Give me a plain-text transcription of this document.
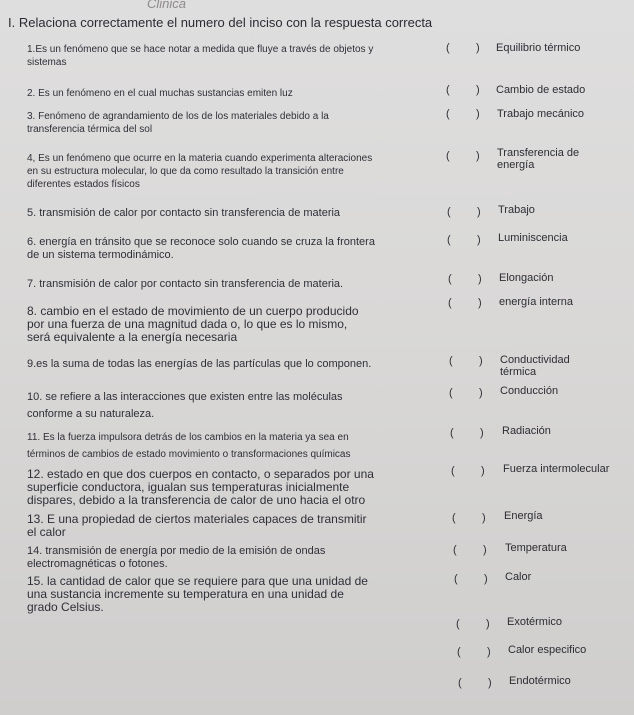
Clinica
I. Relaciona correctamente el numero del inciso con la respuesta correcta
1.Es un fenómeno que se hace notar a medida que fluye a través de objetos y
sistemas
2. Es un fenómeno en el cual muchas sustancias emiten luz
3. Fenómeno de agrandamiento de los de los materiales debido a la
transferencia térmica del sol
4, Es un fenómeno que ocurre en la materia cuando experimenta alteraciones
en su estructura molecular, lo que da como resultado la transición entre
diferentes estados físicos
5. transmisión de calor por contacto sin transferencia de materia
6. energía en tránsito que se reconoce solo cuando se cruza la frontera
de un sistema termodinámico.
7. transmisión de calor por contacto sin transferencia de materia.
8. cambio en el estado de movimiento de un cuerpo producido
por una fuerza de una magnitud dada o, lo que es lo mismo,
será equivalente a la energía necesaria
9.es la suma de todas las energías de las partículas que lo componen.
10. se refiere a las interacciones que existen entre las moléculas
conforme a su naturaleza.
11. Es la fuerza impulsora detrás de los cambios en la materia ya sea en
términos de cambios de estado movimiento o transformaciones químicas
12. estado en que dos cuerpos en contacto, o separados por una
superficie conductora, igualan sus temperaturas inicialmente
dispares, debido a la transferencia de calor de uno hacia el otro
13. E una propiedad de ciertos materiales capaces de transmitir
el calor
14. transmisión de energía por medio de la emisión de ondas
electromagnéticas o fotones.
15. la cantidad de calor que se requiere para que una unidad de
una sustancia incremente su temperatura en una unidad de
grado Celsius.
( )
( )
( )
( )
( )
( )
( )
( )
( )
( )
( )
( )
( )
( )
( )
( )
( )
( )
Equilibrio térmico
Cambio de estado
Trabajo mecánico
Transferencia de
energía
Trabajo
Luminiscencia
Elongación
energía interna
Conductividad
térmica
Conducción
Radiación
Fuerza intermolecular
Energía
Temperatura
Calor
Exotérmico
Calor especifico
Endotérmico
